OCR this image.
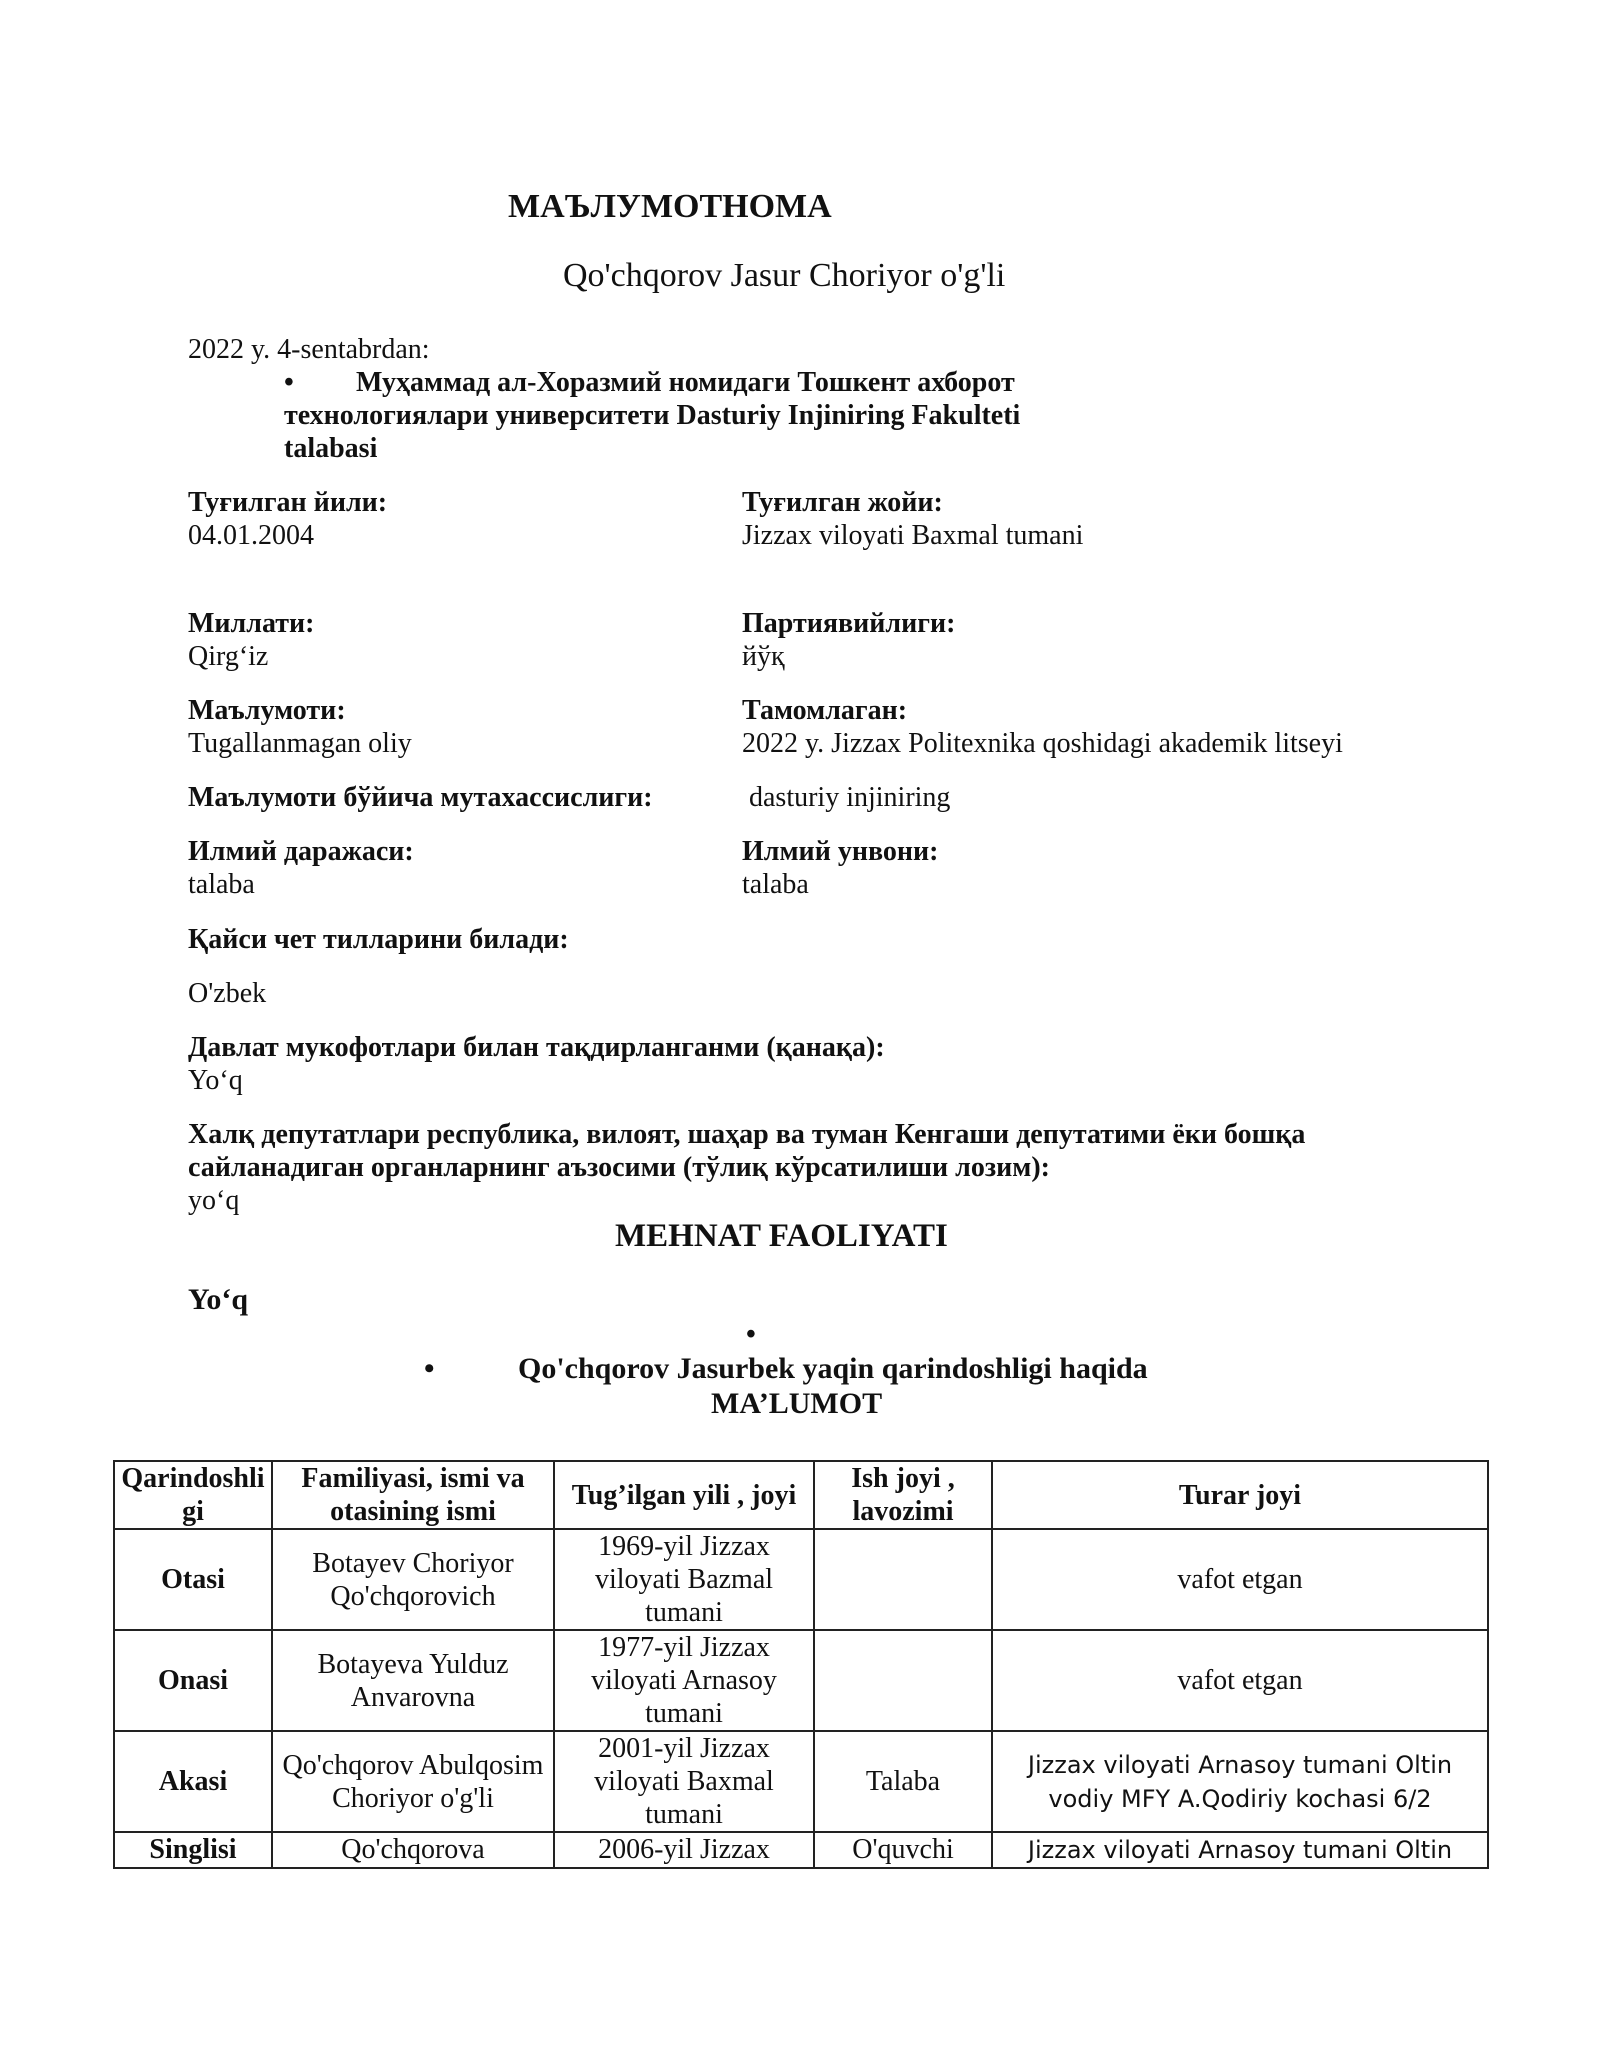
МАЪЛУМОТНОМА
Qo'chqorov Jasur Choriyor o'g'li
2022 y. 4-sentabrdan:
• Муҳаммад ал-Хоразмий номидаги Тошкент ахборот
технологиялари университети Dasturiy Injiniring Fakulteti
talabasi
Туғилган йили:
04.01.2004
Туғилган жойи:
Jizzax viloyati Baxmal tumani
Миллати:
Qirg‘iz
Партиявийлиги:
йўқ
Маълумоти:
Tugallanmagan oliy
Тамомлаган:
2022 y. Jizzax Politexnika qoshidagi akademik litseyi
Маълумоти бўйича мутахассислиги:	dasturiy injiniring
Илмий даражаси:
talaba
Илмий унвони:
talaba
Қайси чет тилларини билади:
O'zbek
Давлат мукофотлари билан тақдирланганми (қанақа):
Yo‘q
Халқ депутатлари республика, вилоят, шаҳар ва туман Кенгаши депутатими ёки бошқа
сайланадиган органларнинг аъзосими (тўлиқ кўрсатилиши лозим):
yo‘q
MEHNAT FAOLIYATI
Yo‘q
•
•	Qo'chqorov Jasurbek yaqin qarindoshligi haqida
MA’LUMOT
Qarindoshli gi	Familiyasi, ismi va otasining ismi	Tug’ilgan yili , joyi	Ish joyi , lavozimi	Turar joyi
Otasi	Botayev Choriyor Qo'chqorovich	1969-yil Jizzax viloyati Bazmal tumani		vafot etgan
Onasi	Botayeva Yulduz Anvarovna	1977-yil Jizzax viloyati Arnasoy tumani		vafot etgan
Akasi	Qo'chqorov Abulqosim Choriyor o'g'li	2001-yil Jizzax viloyati Baxmal tumani	Talaba	Jizzax viloyati Arnasoy tumani Oltin vodiy MFY A.Qodiriy kochasi 6/2
Singlisi	Qo'chqorova	2006-yil Jizzax	O'quvchi	Jizzax viloyati Arnasoy tumani Oltin
